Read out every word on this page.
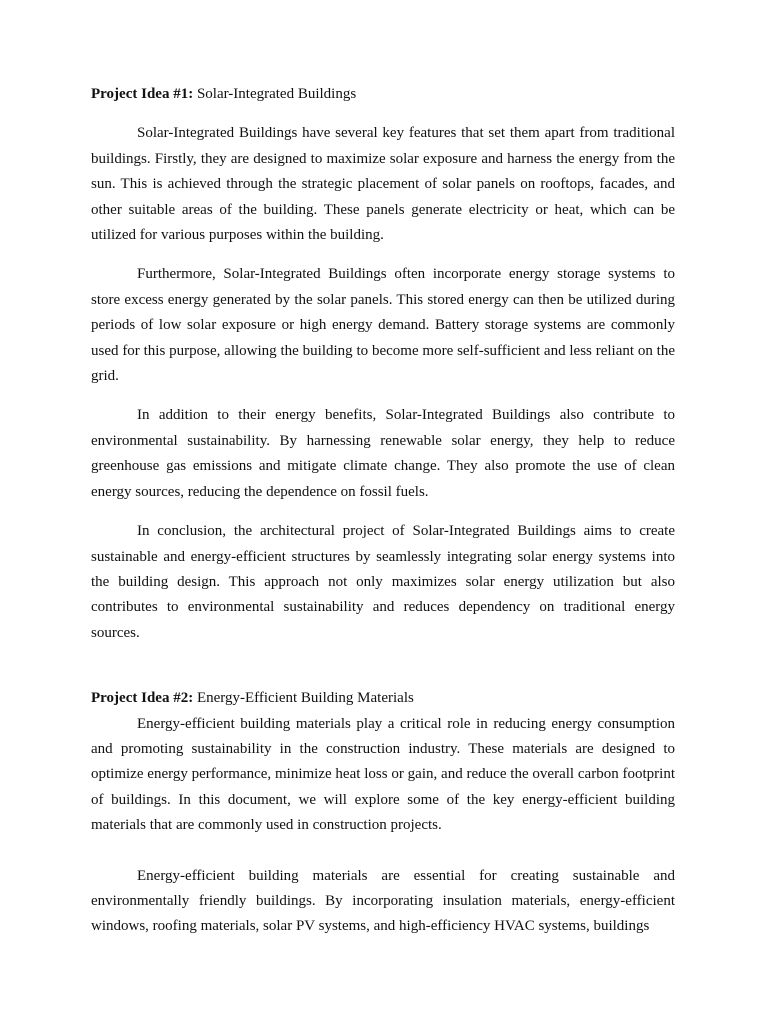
Project Idea #1: Solar-Integrated Buildings

Solar-Integrated Buildings have several key features that set them apart from traditional buildings. Firstly, they are designed to maximize solar exposure and harness the energy from the sun. This is achieved through the strategic placement of solar panels on rooftops, facades, and other suitable areas of the building. These panels generate electricity or heat, which can be utilized for various purposes within the building.

Furthermore, Solar-Integrated Buildings often incorporate energy storage systems to store excess energy generated by the solar panels. This stored energy can then be utilized during periods of low solar exposure or high energy demand. Battery storage systems are commonly used for this purpose, allowing the building to become more self-sufficient and less reliant on the grid.

In addition to their energy benefits, Solar-Integrated Buildings also contribute to environmental sustainability. By harnessing renewable solar energy, they help to reduce greenhouse gas emissions and mitigate climate change. They also promote the use of clean energy sources, reducing the dependence on fossil fuels.

In conclusion, the architectural project of Solar-Integrated Buildings aims to create sustainable and energy-efficient structures by seamlessly integrating solar energy systems into the building design. This approach not only maximizes solar energy utilization but also contributes to environmental sustainability and reduces dependency on traditional energy sources.

Project Idea #2: Energy-Efficient Building Materials

Energy-efficient building materials play a critical role in reducing energy consumption and promoting sustainability in the construction industry. These materials are designed to optimize energy performance, minimize heat loss or gain, and reduce the overall carbon footprint of buildings. In this document, we will explore some of the key energy-efficient building materials that are commonly used in construction projects.

Energy-efficient building materials are essential for creating sustainable and environmentally friendly buildings. By incorporating insulation materials, energy-efficient windows, roofing materials, solar PV systems, and high-efficiency HVAC systems, buildings
